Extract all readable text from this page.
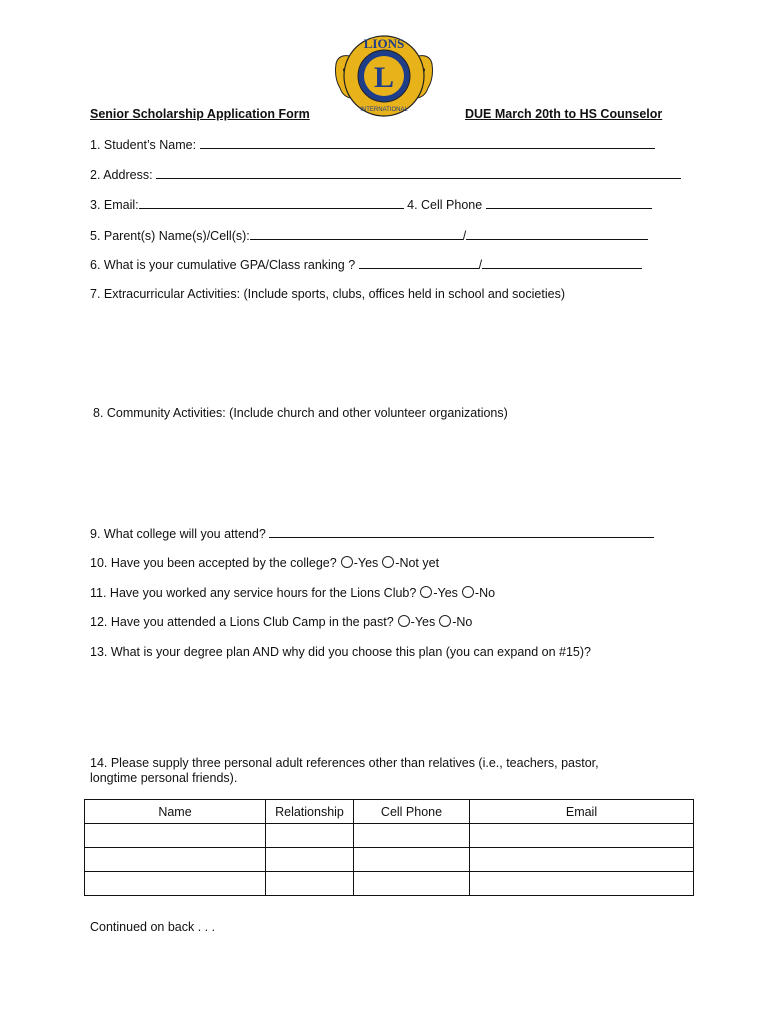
L
LIONS
INTERNATIONAL
Senior Scholarship Application Form	DUE March 20th to HS Counselor
1. Student’s Name:
2. Address:
3. Email:	4. Cell Phone
5. Parent(s) Name(s)/Cell(s):	/
6. What is your cumulative GPA/Class ranking ?	/
7. Extracurricular Activities: (Include sports, clubs, offices held in school and societies)
8. Community Activities: (Include church and other volunteer organizations)
9. What college will you attend?
10. Have you been accepted by the college? -Yes -Not yet
11. Have you worked any service hours for the Lions Club? -Yes -No
12. Have you attended a Lions Club Camp in the past? -Yes -No
13. What is your degree plan AND why did you choose this plan (you can expand on #15)?
14. Please supply three personal adult references other than relatives (i.e., teachers, pastor,
longtime personal friends).
Name	Relationship	Cell Phone	Email

Continued on back . . .
